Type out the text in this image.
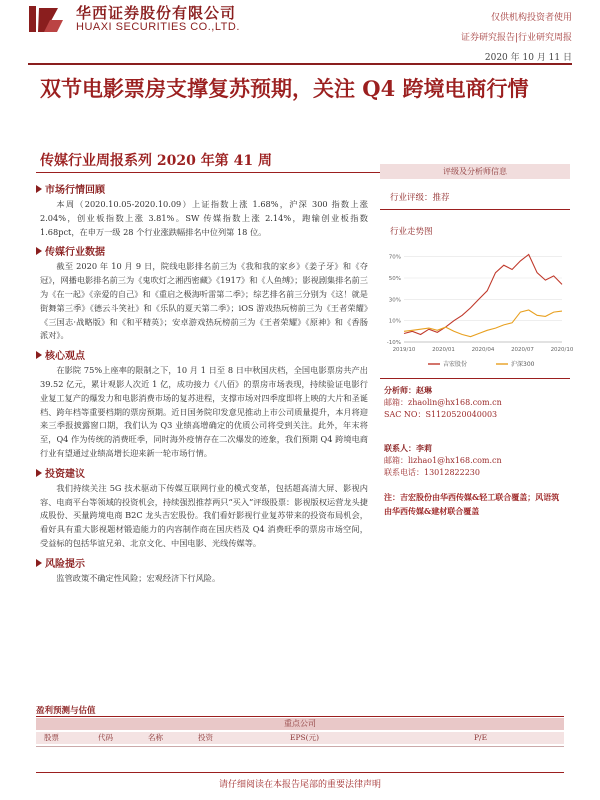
华西证券股份有限公司
HUAXI SECURITIES CO.,LTD.
仅供机构投资者使用
证券研究报告|行业研究周报
2020 年 10 月 11 日
双节电影票房支撑复苏预期，关注 Q4 跨境电商行情
传媒行业周报系列 2020 年第 41 周
市场行情回顾

本周（2020.10.05-2020.10.09）上证指数上涨 1.68%，沪深 300 指数上涨 2.04%，创业板指数上涨 3.81%。SW 传媒指数上涨 2.14%，跑输创业板指数 1.68pct，在申万一级 28 个行业涨跌幅排名中位列第 18 位。

传媒行业数据

截至 2020 年 10 月 9 日，院线电影排名前三为《我和我的家乡》《姜子牙》和《夺冠》，网播电影排名前三为《鬼吹灯之湘西密藏》《1917》和《人鱼缚》；影视剧集排名前三为《在一起》《亲爱的自己》和《重启之极海听雷第二季》；综艺排名前三分别为《这！就是街舞第三季》《德云斗笑社》和《乐队的夏天第二季》；iOS 游戏热玩榜前三为《王者荣耀》《三国志·战略版》和《和平精英》；安卓游戏热玩榜前三为《王者荣耀》《原神》和《香肠派对》。

核心观点

在影院 75%上座率的限制之下，10 月 1 日至 8 日中秋国庆档，全国电影票房共产出 39.52 亿元，累计观影人次近 1 亿，成功接力《八佰》的票房市场表现，持续验证电影行业复工复产的爆发力和电影消费市场的复苏进程，支撑市场对四季度即将上映的大片和圣诞档、跨年档等重要档期的票房预期。近日国务院印发意见推动上市公司质量提升，本月将迎来三季报披露窗口期，我们认为 Q3 业绩高增确定的优质公司将受到关注。此外，年末将至，Q4 作为传统的消费旺季，同时海外疫情存在二次爆发的迹象，我们预期 Q4 跨境电商行业有望通过业绩高增长迎来新一轮市场行情。

投资建议

我们持续关注 5G 技术驱动下传媒互联网行业的模式变革，包括超高清大屏、影视内容、电商平台等领域的投资机会，持续强烈推荐两只“买入”评级股票：影视版权运营龙头捷成股份、买量跨境电商 B2C 龙头吉宏股份。我们看好影视行业复苏带来的投资布局机会，看好具有重大影视题材锻造能力的内容制作商在国庆档及 Q4 消费旺季的票房市场空间，受益标的包括华谊兄弟、北京文化、中国电影、光线传媒等。

风险提示

监管政策不确定性风险；宏观经济下行风险。

评级及分析师信息
行业评级：推荐
行业走势图
-10%
10%
30%
50%
70%
2019/10	2020/01	2020/04	2020/07	2020/10
吉宏股份	沪深300
分析师：赵琳
邮箱：zhaolin@hx168.com.cn
SAC NO：S1120520040003
联系人：李莉
邮箱：lizhao1@hx168.com.cn
联系电话：13012822230
注：吉宏股份由华西传媒&轻工联合覆盖；风语筑由华西传媒&建材联合覆盖
盈利预测与估值
重点公司
股票	代码	名称	投资	EPS(元)	P/E
请仔细阅读在本报告尾部的重要法律声明
